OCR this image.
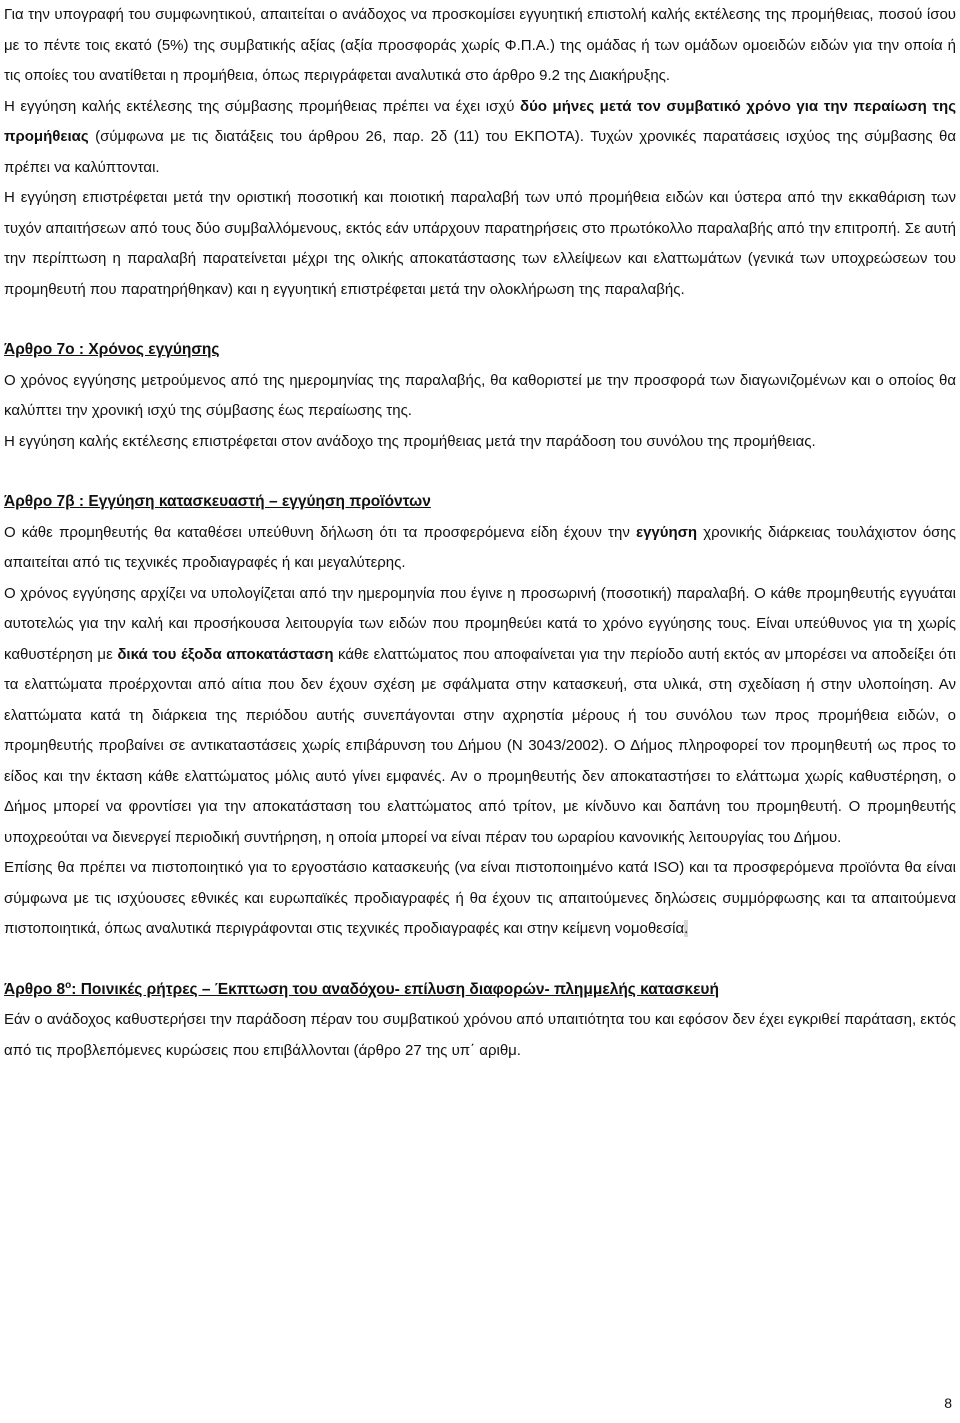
Για την υπογραφή του συμφωνητικού, απαιτείται ο ανάδοχος να προσκομίσει εγγυητική επιστολή καλής εκτέλεσης της προμήθειας, ποσού ίσου με το πέντε τοις εκατό (5%) της συμβατικής αξίας (αξία προσφοράς χωρίς Φ.Π.Α.) της ομάδας ή των ομάδων ομοειδών ειδών για την οποία ή τις οποίες του ανατίθεται η προμήθεια, όπως περιγράφεται αναλυτικά στο άρθρο 9.2 της Διακήρυξης.

Η εγγύηση καλής εκτέλεσης της σύμβασης προμήθειας πρέπει να έχει ισχύ δύο μήνες μετά τον συμβατικό χρόνο για την περαίωση της προμήθειας (σύμφωνα με τις διατάξεις του άρθρου 26, παρ. 2δ (11) του ΕΚΠΟΤΑ). Τυχών χρονικές παρατάσεις ισχύος της σύμβασης θα πρέπει να καλύπτονται.

Η εγγύηση επιστρέφεται μετά την οριστική ποσοτική και ποιοτική παραλαβή των υπό προμήθεια ειδών και ύστερα από την εκκαθάριση των τυχόν απαιτήσεων από τους δύο συμβαλλόμενους, εκτός εάν υπάρχουν παρατηρήσεις στο πρωτόκολλο παραλαβής από την επιτροπή. Σε αυτή την περίπτωση η παραλαβή παρατείνεται μέχρι της ολικής αποκατάστασης των ελλείψεων και ελαττωμάτων (γενικά των υποχρεώσεων του προμηθευτή που παρατηρήθηκαν) και η εγγυητική επιστρέφεται μετά την ολοκλήρωση της παραλαβής.

Άρθρο 7ο : Χρόνος εγγύησης

Ο χρόνος εγγύησης μετρούμενος από της ημερομηνίας της παραλαβής, θα καθοριστεί με την προσφορά των διαγωνιζομένων και ο οποίος θα καλύπτει την χρονική ισχύ της σύμβασης έως περαίωσης της.

Η εγγύηση καλής εκτέλεσης επιστρέφεται στον ανάδοχο της προμήθειας μετά την παράδοση του συνόλου της προμήθειας.

Άρθρο 7β : Εγγύηση κατασκευαστή – εγγύηση προϊόντων

Ο κάθε προμηθευτής θα καταθέσει υπεύθυνη δήλωση ότι τα προσφερόμενα είδη έχουν την εγγύηση χρονικής διάρκειας τουλάχιστον όσης απαιτείται από τις τεχνικές προδιαγραφές ή και μεγαλύτερης.

Ο χρόνος εγγύησης αρχίζει να υπολογίζεται από την ημερομηνία που έγινε η προσωρινή (ποσοτική) παραλαβή. Ο κάθε προμηθευτής εγγυάται αυτοτελώς για την καλή και προσήκουσα λειτουργία των ειδών που προμηθεύει κατά το χρόνο εγγύησης τους. Είναι υπεύθυνος για τη χωρίς καθυστέρηση με δικά του έξοδα αποκατάσταση κάθε ελαττώματος που αποφαίνεται για την περίοδο αυτή εκτός αν μπορέσει να αποδείξει ότι τα ελαττώματα προέρχονται από αίτια που δεν έχουν σχέση με σφάλματα στην κατασκευή, στα υλικά, στη σχεδίαση ή στην υλοποίηση. Αν ελαττώματα κατά τη διάρκεια της περιόδου αυτής συνεπάγονται στην αχρηστία μέρους ή του συνόλου των προς προμήθεια ειδών, ο προμηθευτής προβαίνει σε αντικαταστάσεις χωρίς επιβάρυνση του Δήμου (Ν 3043/2002). Ο Δήμος πληροφορεί τον προμηθευτή ως προς το είδος και την έκταση κάθε ελαττώματος μόλις αυτό γίνει εμφανές. Αν ο προμηθευτής δεν αποκαταστήσει το ελάττωμα χωρίς καθυστέρηση, ο Δήμος μπορεί να φροντίσει για την αποκατάσταση του ελαττώματος από τρίτον, με κίνδυνο και δαπάνη του προμηθευτή. Ο προμηθευτής υποχρεούται να διενεργεί περιοδική συντήρηση, η οποία μπορεί να είναι πέραν του ωραρίου κανονικής λειτουργίας του Δήμου.

Επίσης θα πρέπει να πιστοποιητικό για το εργοστάσιο κατασκευής (να είναι πιστοποιημένο κατά ISO) και τα προσφερόμενα προϊόντα θα είναι σύμφωνα με τις ισχύουσες εθνικές και ευρωπαϊκές προδιαγραφές ή θα έχουν τις απαιτούμενες δηλώσεις συμμόρφωσης και τα απαιτούμενα πιστοποιητικά, όπως αναλυτικά περιγράφονται στις τεχνικές προδιαγραφές και στην κείμενη νομοθεσία.

Άρθρο $8^o$: Ποινικές ρήτρες – Έκπτωση του αναδόχου- επίλυση διαφορών- πλημμελής κατασκευή

Εάν ο ανάδοχος καθυστερήσει την παράδοση πέραν του συμβατικού χρόνου από υπαιτιότητα του και εφόσον δεν έχει εγκριθεί παράταση, εκτός από τις προβλεπόμενες κυρώσεις που επιβάλλονται (άρθρο 27 της υπ΄ αριθμ.

8
